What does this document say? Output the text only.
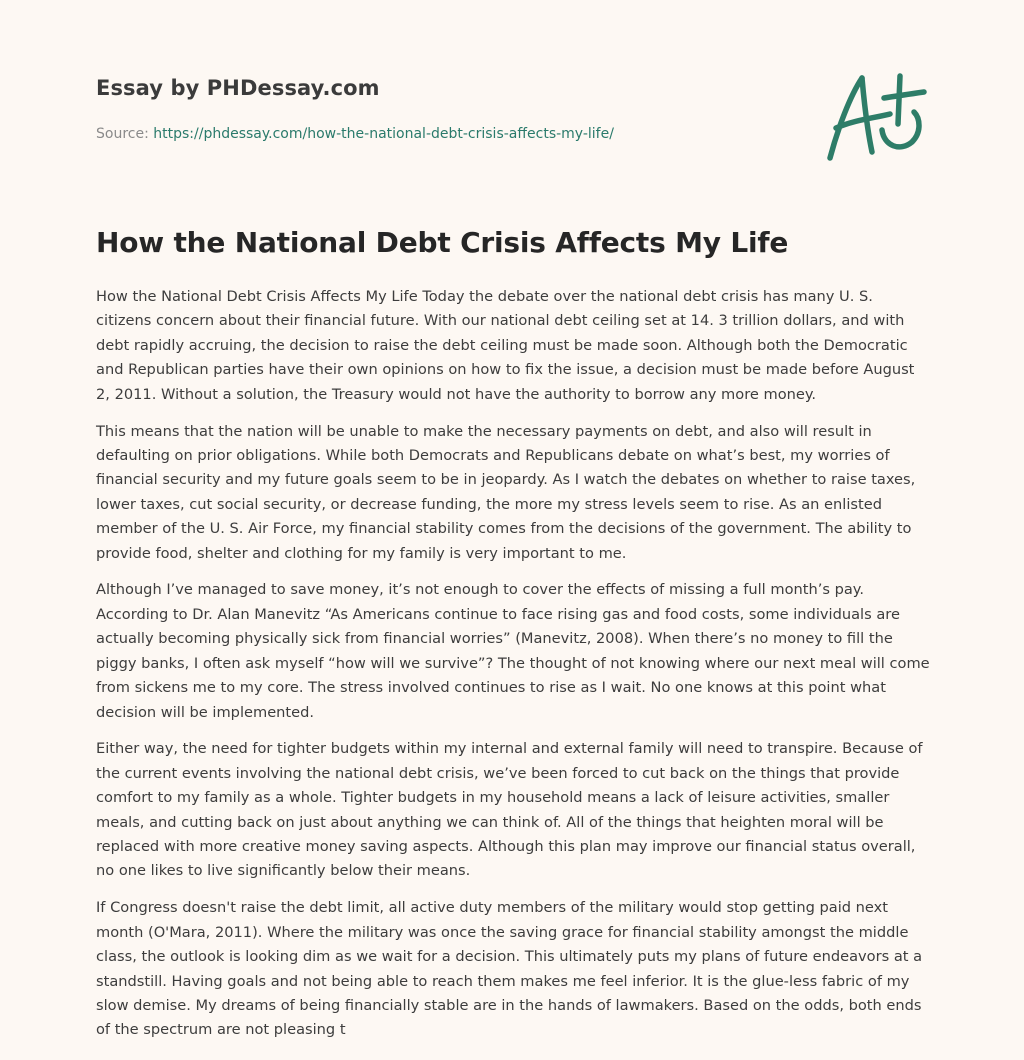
Essay by PHDessay.com
Source: https://phdessay.com/how-the-national-debt-crisis-affects-my-life/
How the National Debt Crisis Affects My Life

How the National Debt Crisis Affects My Life Today the debate over the national debt crisis has many U. S. citizens concern about their financial future. With our national debt ceiling set at 14. 3 trillion dollars, and with debt rapidly accruing, the decision to raise the debt ceiling must be made soon. Although both the Democratic and Republican parties have their own opinions on how to fix the issue, a decision must be made before August 2, 2011. Without a solution, the Treasury would not have the authority to borrow any more money.

This means that the nation will be unable to make the necessary payments on debt, and also will result in defaulting on prior obligations. While both Democrats and Republicans debate on what’s best, my worries of financial security and my future goals seem to be in jeopardy. As I watch the debates on whether to raise taxes, lower taxes, cut social security, or decrease funding, the more my stress levels seem to rise. As an enlisted member of the U. S. Air Force, my financial stability comes from the decisions of the government. The ability to provide food, shelter and clothing for my family is very important to me.

Although I’ve managed to save money, it’s not enough to cover the effects of missing a full month’s pay. According to Dr. Alan Manevitz “As Americans continue to face rising gas and food costs, some individuals are actually becoming physically sick from financial worries” (Manevitz, 2008). When there’s no money to fill the piggy banks, I often ask myself “how will we survive”? The thought of not knowing where our next meal will come from sickens me to my core. The stress involved continues to rise as I wait. No one knows at this point what decision will be implemented.

Either way, the need for tighter budgets within my internal and external family will need to transpire. Because of the current events involving the national debt crisis, we’ve been forced to cut back on the things that provide comfort to my family as a whole. Tighter budgets in my household means a lack of leisure activities, smaller meals, and cutting back on just about anything we can think of. All of the things that heighten moral will be replaced with more creative money saving aspects. Although this plan may improve our financial status overall, no one likes to live significantly below their means.

If Congress doesn't raise the debt limit, all active duty members of the military would stop getting paid next month (O'Mara, 2011). Where the military was once the saving grace for financial stability amongst the middle class, the outlook is looking dim as we wait for a decision. This ultimately puts my plans of future endeavors at a standstill. Having goals and not being able to reach them makes me feel inferior. It is the glue-less fabric of my slow demise. My dreams of being financially stable are in the hands of lawmakers. Based on the odds, both ends of the spectrum are not pleasing t
